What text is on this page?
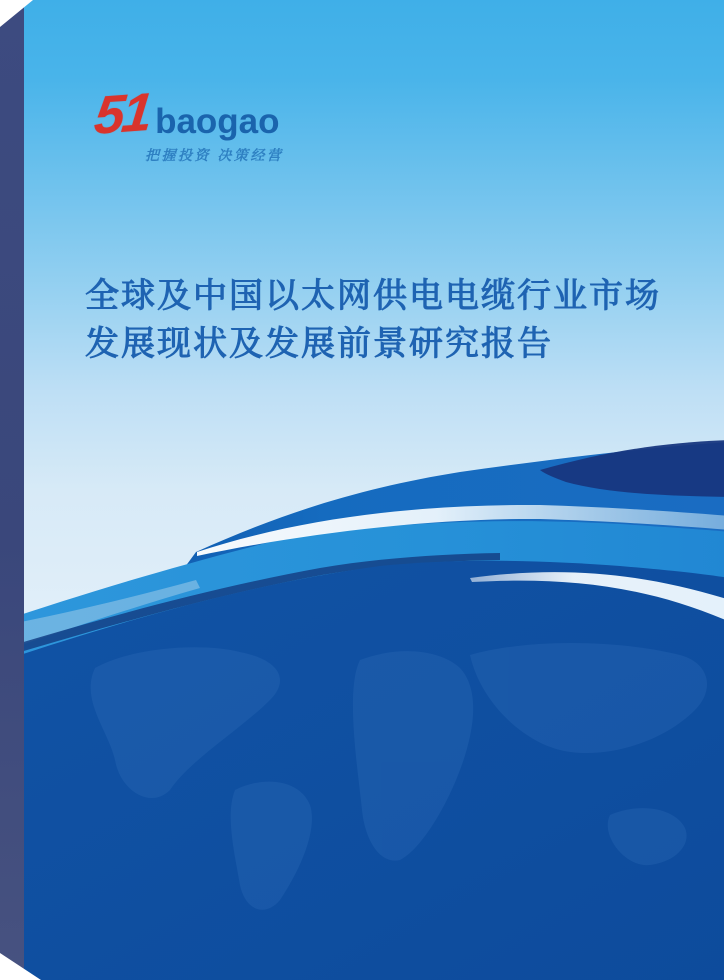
51 baogao
把握投资 决策经营
全球及中国以太网供电电缆行业市场
发展现状及发展前景研究报告
